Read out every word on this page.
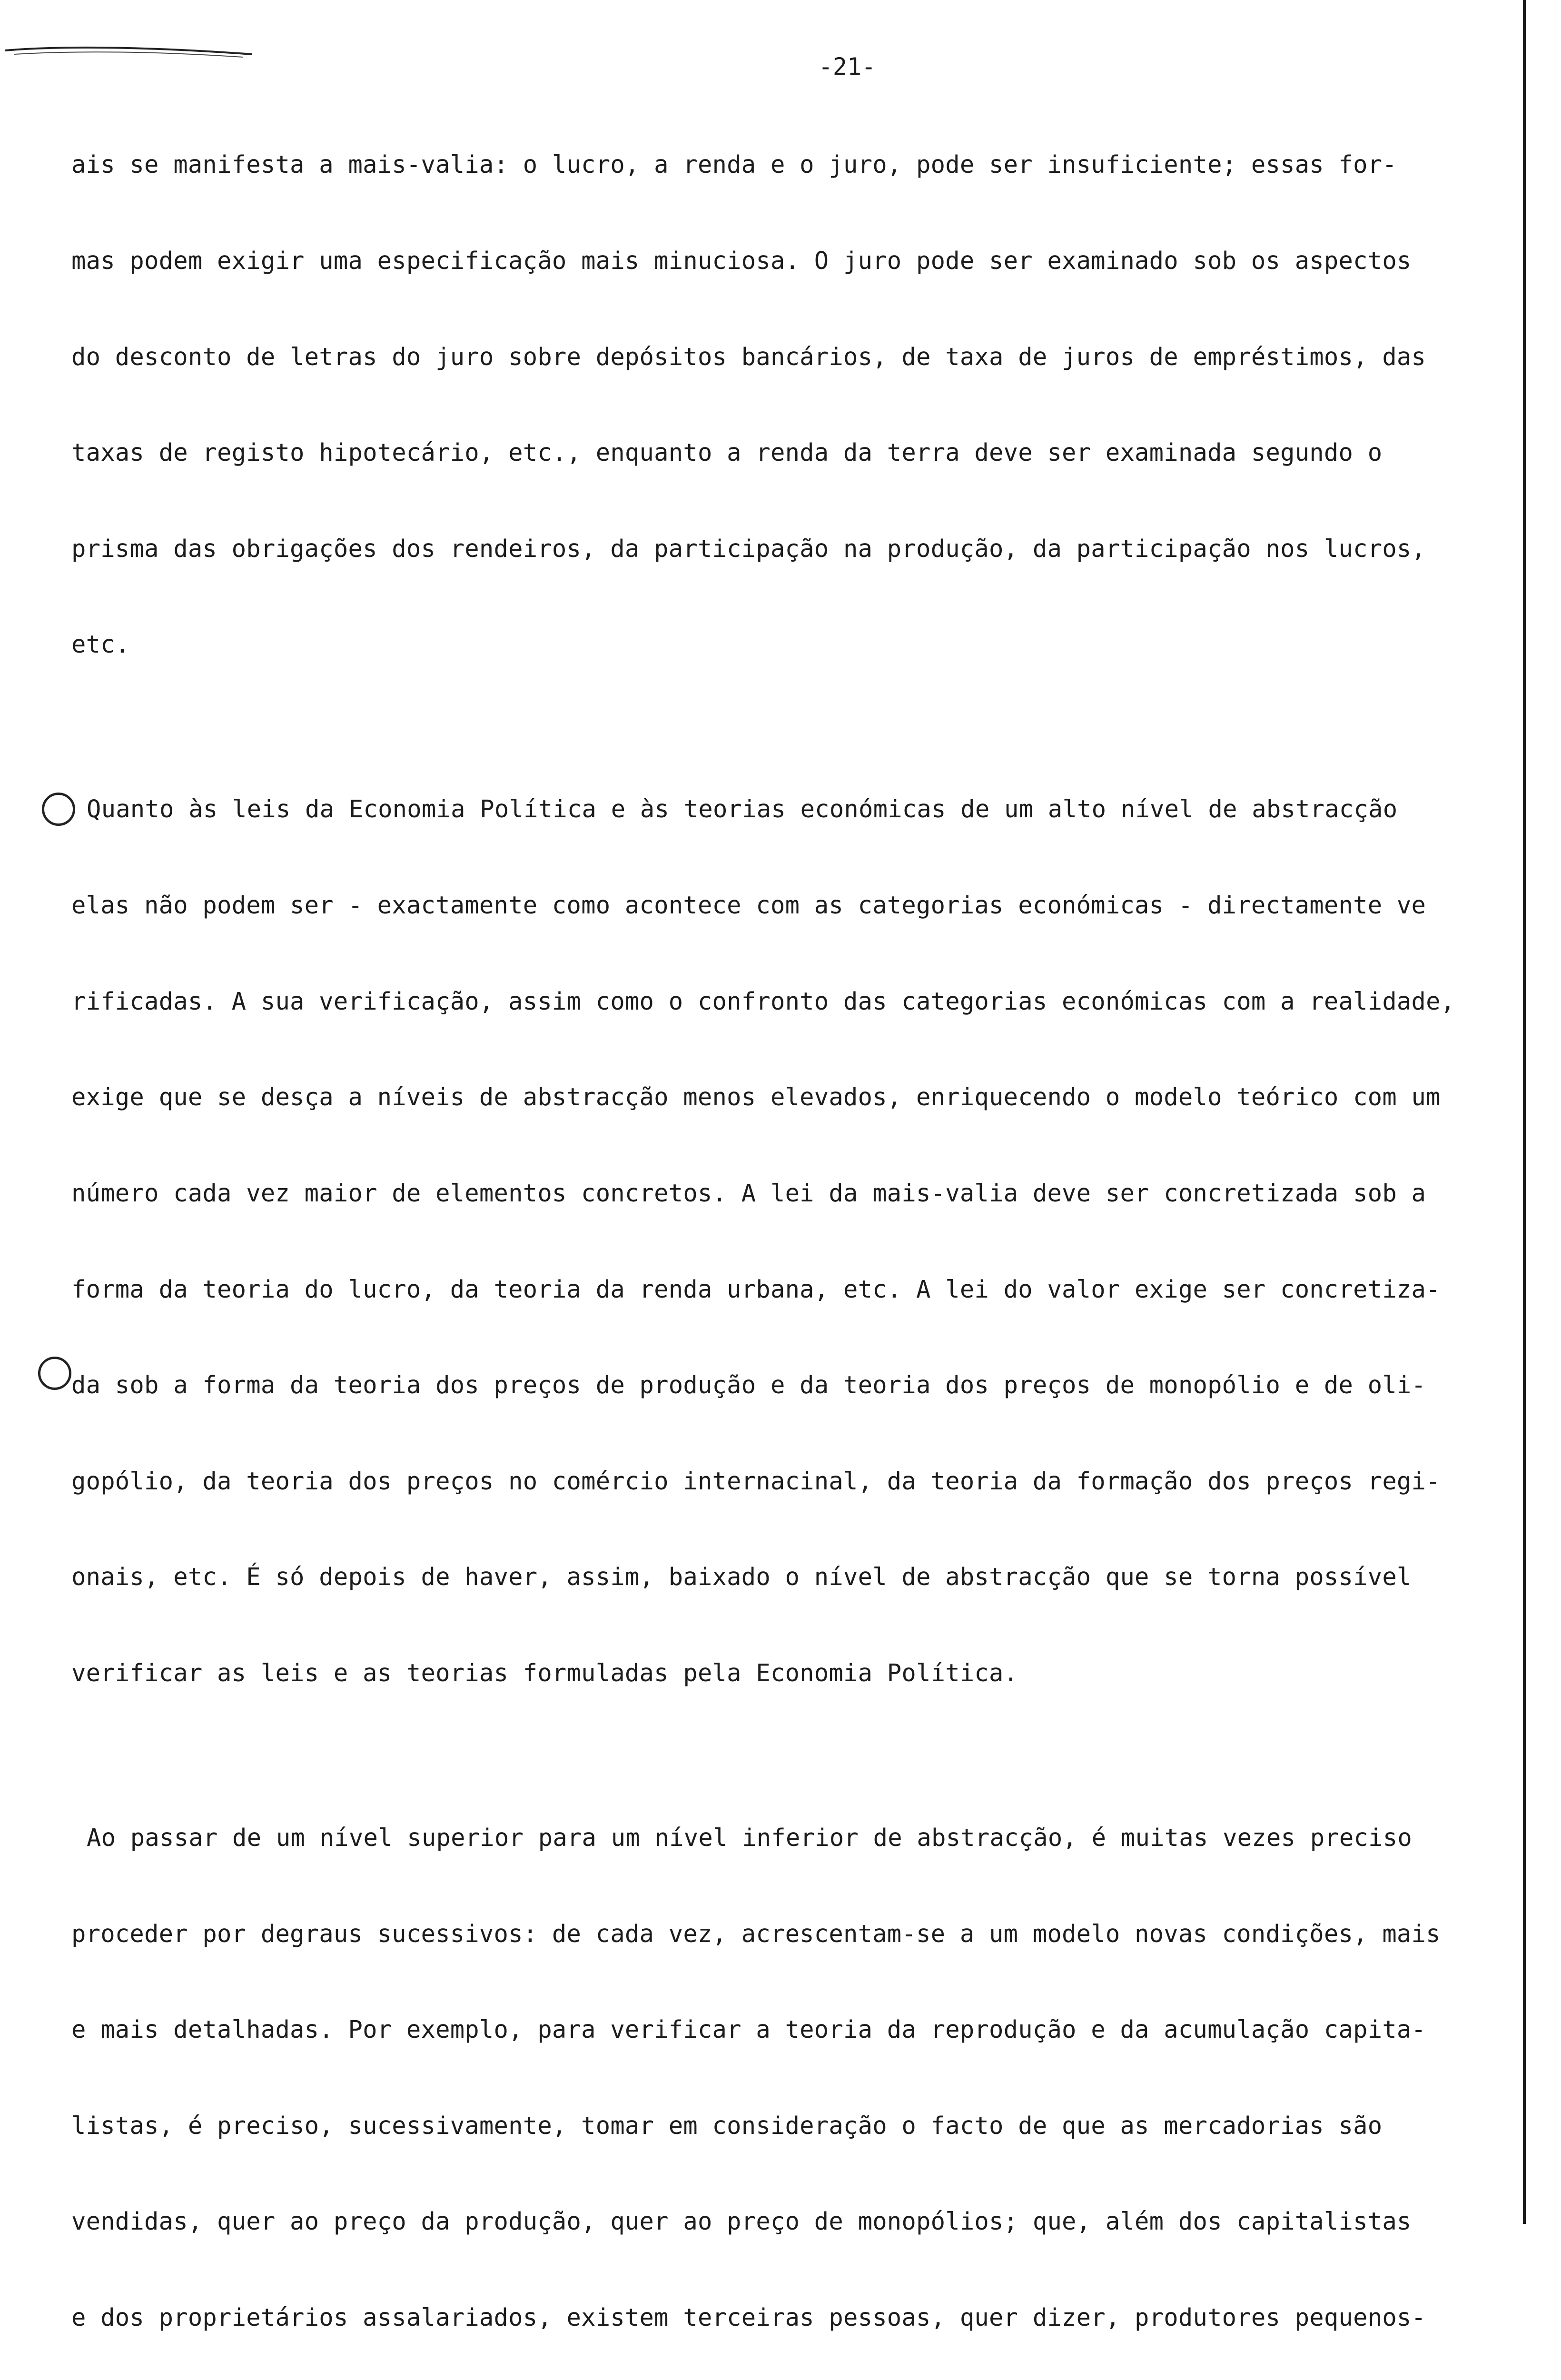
-21-

ais se manifesta a mais-valia: o lucro, a renda e o juro, pode ser insuficiente; essas for-

mas podem exigir uma especificação mais minuciosa. O juro pode ser examinado sob os aspectos

do desconto de letras do juro sobre depósitos bancários, de taxa de juros de empréstimos, das

taxas de registo hipotecário, etc., enquanto a renda da terra deve ser examinada segundo o

prisma das obrigações dos rendeiros, da participação na produção, da participação nos lucros,

etc.

Quanto às leis da Economia Política e às teorias económicas de um alto nível de abstracção

elas não podem ser - exactamente como acontece com as categorias económicas - directamente ve

rificadas. A sua verificação, assim como o confronto das categorias económicas com a realidade,

exige que se desça a níveis de abstracção menos elevados, enriquecendo o modelo teórico com um

número cada vez maior de elementos concretos. A lei da mais-valia deve ser concretizada sob a

forma da teoria do lucro, da teoria da renda urbana, etc. A lei do valor exige ser concretiza-

da sob a forma da teoria dos preços de produção e da teoria dos preços de monopólio e de oli-

gopólio, da teoria dos preços no comércio internacinal, da teoria da formação dos preços regi-

onais, etc. É só depois de haver, assim, baixado o nível de abstracção que se torna possível

verificar as leis e as teorias formuladas pela Economia Política.

Ao passar de um nível superior para um nível inferior de abstracção, é muitas vezes preciso

proceder por degraus sucessivos: de cada vez, acrescentam-se a um modelo novas condições, mais

e mais detalhadas. Por exemplo, para verificar a teoria da reprodução e da acumulação capita-

listas, é preciso, sucessivamente, tomar em consideração o facto de que as mercadorias são

vendidas, quer ao preço da produção, quer ao preço de monopólios; que, além dos capitalistas

e dos proprietários assalariados, existem terceiras pessoas, quer dizer, produtores pequenos-
